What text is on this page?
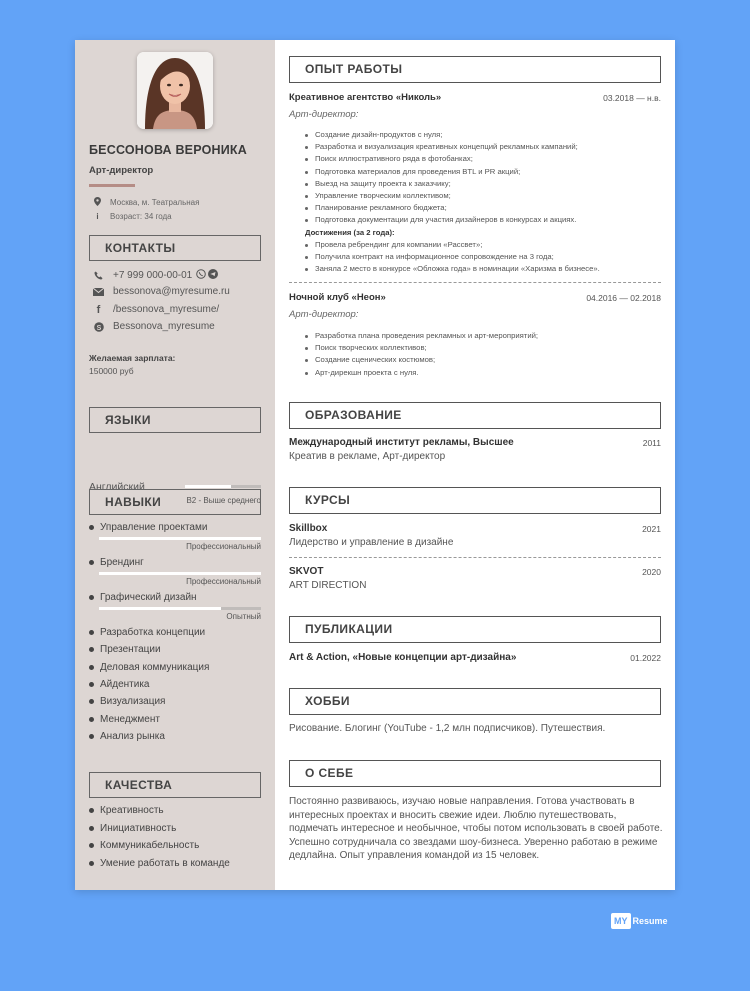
БЕССОНОВА ВЕРОНИКА
Арт-директор
Москва, м. Театральная
i	Возраст: 34 года
КОНТАКТЫ
+7 999 000-00-01
bessonova@myresume.ru
f	/bessonova_myresume/
S Bessonova_myresume
Желаемая зарплата:
150000 руб
ЯЗЫКИ
Английский
B2 - Выше среднего
НАВЫКИ
Управление проектами
Профессиональный
Брендинг
Профессиональный
Графический дизайн
Опытный
Разработка концепции
Презентации
Деловая коммуникация
Айдентика
Визуализация
Менеджмент
Анализ рынка
КАЧЕСТВА
Креативность
Инициативность
Коммуникабельность
Умение работать в команде
ОПЫТ РАБОТЫ
Креативное агентство «Николь»	03.2018 — н.в.
Арт-директор:
Создание дизайн-продуктов с нуля;
Разработка и визуализация креативных концепций рекламных кампаний;
Поиск иллюстративного ряда в фотобанках;
Подготовка материалов для проведения BTL и PR акций;
Выезд на защиту проекта к заказчику;
Управление творческим коллективом;
Планирование рекламного бюджета;
Подготовка документации для участия дизайнеров в конкурсах и акциях.
Достижения (за 2 года):
Провела ребрендинг для компании «Рассвет»;
Получила контракт на информационное сопровождение на 3 года;
Заняла 2 место в конкурсе «Обложка года» в номинации «Харизма в бизнесе».
Ночной клуб «Неон»	04.2016 — 02.2018
Арт-директор:
Разработка плана проведения рекламных и арт-мероприятий;
Поиск творческих коллективов;
Создание сценических костюмов;
Арт-дирекшн проекта с нуля.
ОБРАЗОВАНИЕ
Международный институт рекламы, Высшее	2011
Креатив в рекламе, Арт-директор
КУРСЫ
Skillbox	2021
Лидерство и управление в дизайне
SKVOT	2020
ART DIRECTION
ПУБЛИКАЦИИ
Art & Action, «Новые концепции арт-дизайна»	01.2022
ХОББИ
Рисование. Блогинг (YouTube - 1,2 млн подписчиков). Путешествия.
О СЕБЕ
Постоянно развиваюсь, изучаю новые направления. Готова участвовать в интересных проектах и вносить свежие идеи. Люблю путешествовать, подмечать интересное и необычное, чтобы потом использовать в своей работе. Успешно сотрудничала со звездами шоу-бизнеса. Уверенно работаю в режиме дедлайна. Опыт управления командой из 15 человек.
MY Resume
